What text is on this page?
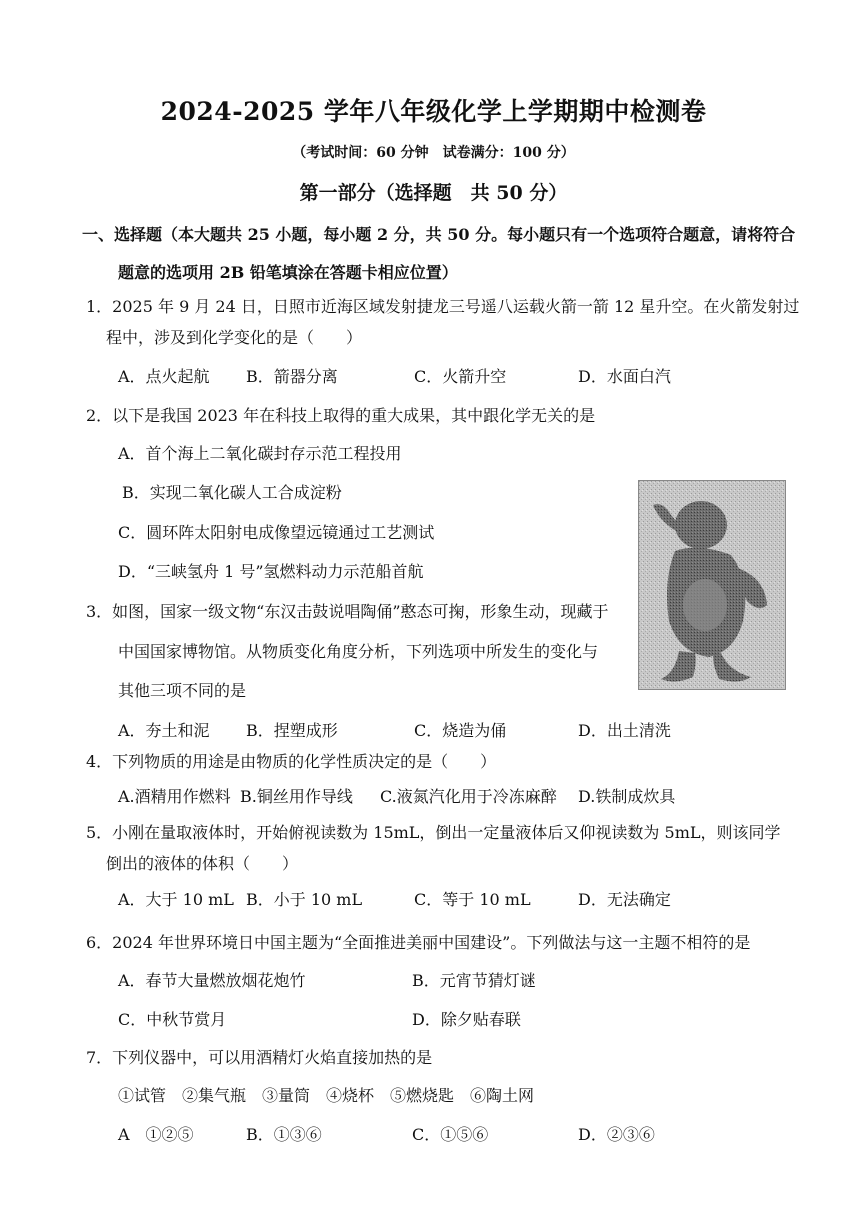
2024-2025 学年八年级化学上学期期中检测卷
（考试时间：60 分钟　试卷满分：100 分）
第一部分（选择题　共 50 分）
一、选择题（本大题共 25 小题，每小题 2 分，共 50 分。每小题只有一个选项符合题意，请将符合
题意的选项用 2B 铅笔填涂在答题卡相应位置）
1．2025 年 9 月 24 日，日照市近海区域发射捷龙三号遥八运载火箭一箭 12 星升空。在火箭发射过
程中，涉及到化学变化的是（　　）
A．点火起航 B．箭器分离	C．火箭升空	D．水面白汽
2．以下是我国 2023 年在科技上取得的重大成果，其中跟化学无关的是
A．首个海上二氧化碳封存示范工程投用
B．实现二氧化碳人工合成淀粉
C．圆环阵太阳射电成像望远镜通过工艺测试
D．“三峡氢舟 1 号”氢燃料动力示范船首航
3．如图，国家一级文物“东汉击鼓说唱陶俑”憨态可掬，形象生动，现藏于
中国国家博物馆。从物质变化角度分析，下列选项中所发生的变化与
其他三项不同的是
A．夯土和泥 B．捏塑成形	C．烧造为俑	D．出土清洗
4．下列物质的用途是由物质的化学性质决定的是（　　）
A.酒精用作燃料 B.铜丝用作导线 C.液氮汽化用于冷冻麻醉 D.铁制成炊具
5．小刚在量取液体时，开始俯视读数为 15mL，倒出一定量液体后又仰视读数为 5mL，则该同学
倒出的液体的体积（　　）
A．大于 10 mL B．小于 10 mL	C．等于 10 mL	D．无法确定
6．2024 年世界环境日中国主题为“全面推进美丽中国建设”。下列做法与这一主题不相符的是
A．春节大量燃放烟花炮竹	B．元宵节猜灯谜
C．中秋节赏月	D．除夕贴春联
7．下列仪器中，可以用酒精灯火焰直接加热的是
①试管　②集气瓶　③量筒　④烧杯　⑤燃烧匙　⑥陶土网
A　①②⑤	B．①③⑥	C．①⑤⑥	D．②③⑥
